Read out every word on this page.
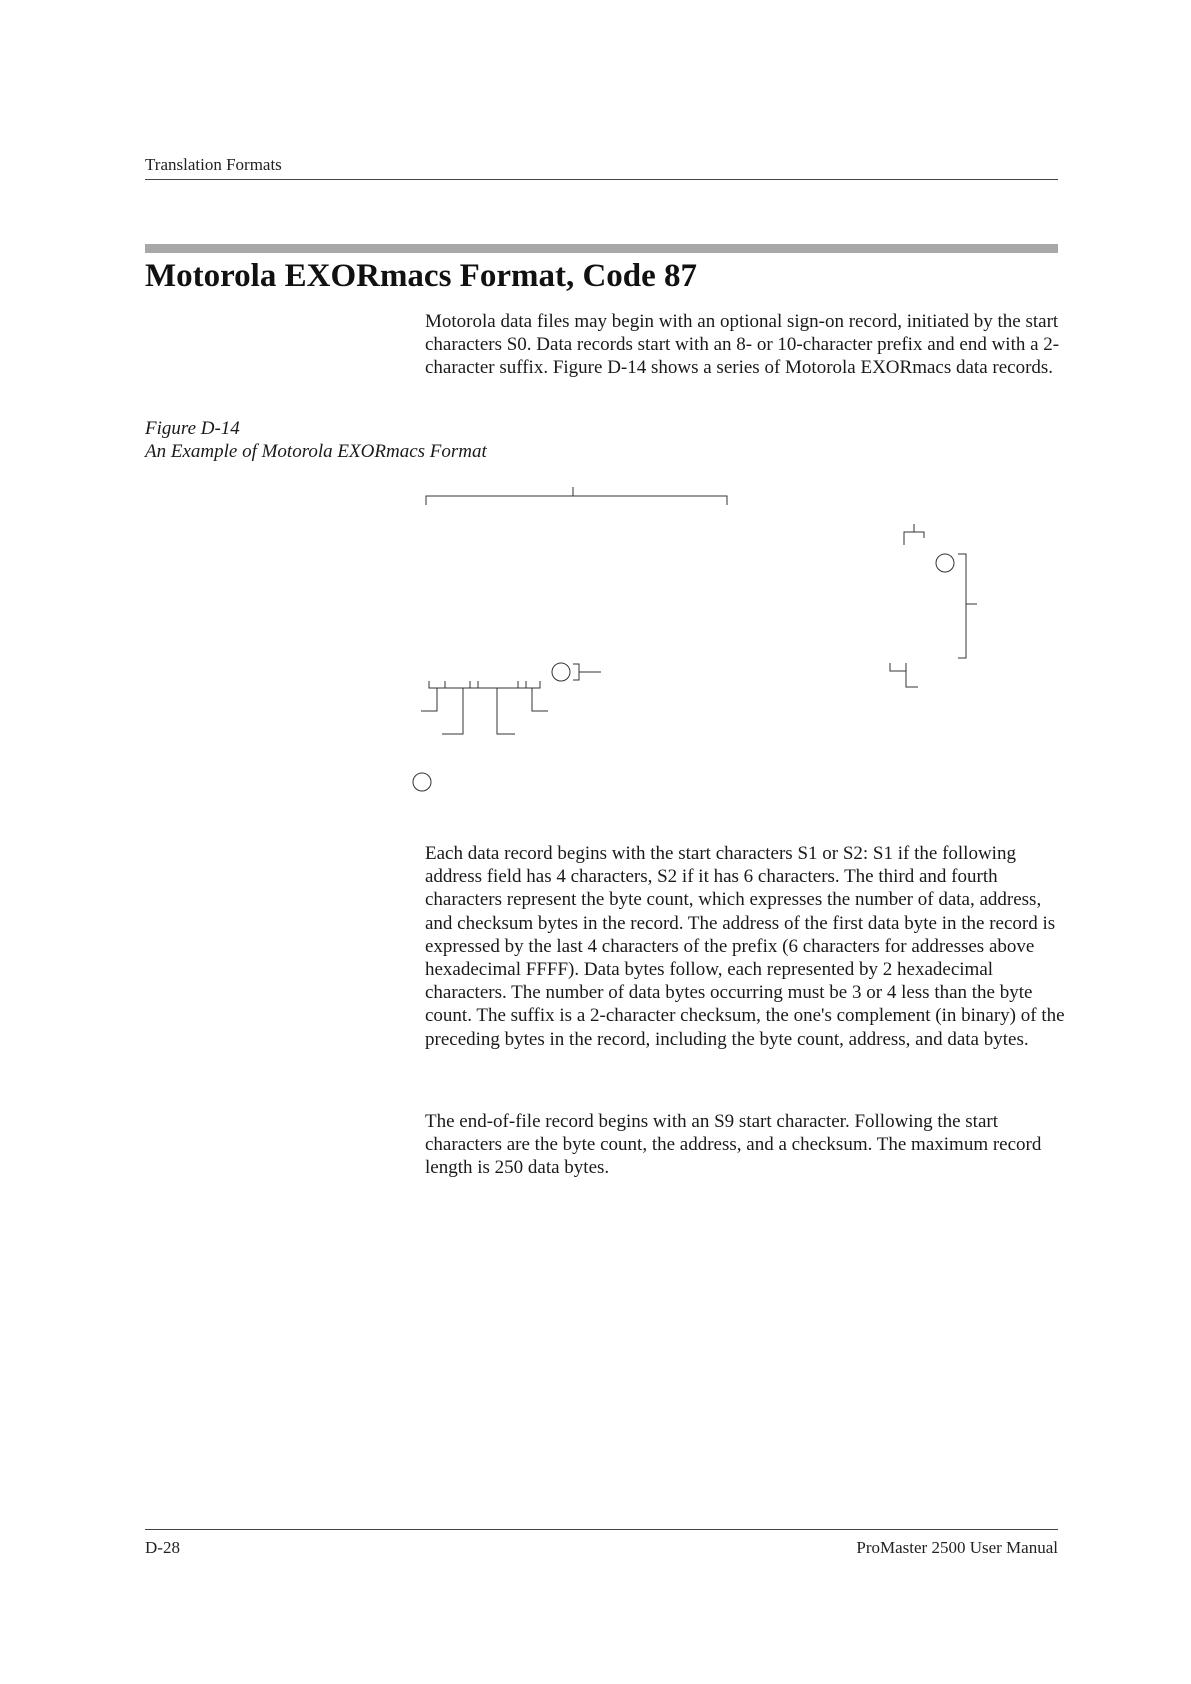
Translation Formats
Motorola EXORmacs Format, Code 87

Motorola data files may begin with an optional sign-on record, initiated by the start characters S0. Data records start with an 8- or 10-character prefix and end with a 2-character suffix. Figure D-14 shows a series of Motorola EXORmacs data records.

Figure D-14
An Example of Motorola EXORmacs Format

Each data record begins with the start characters S1 or S2: S1 if the following address field has 4 characters, S2 if it has 6 characters. The third and fourth characters represent the byte count, which expresses the number of data, address, and checksum bytes in the record. The address of the first data byte in the record is expressed by the last 4 characters of the prefix (6 characters for addresses above hexadecimal FFFF). Data bytes follow, each represented by 2 hexadecimal characters. The number of data bytes occurring must be 3 or 4 less than the byte count. The suffix is a 2-character checksum, the one's complement (in binary) of the preceding bytes in the record, including the byte count, address, and data bytes.

The end-of-file record begins with an S9 start character. Following the start characters are the byte count, the address, and a checksum. The maximum record length is 250 data bytes.

D-28	ProMaster 2500 User Manual
